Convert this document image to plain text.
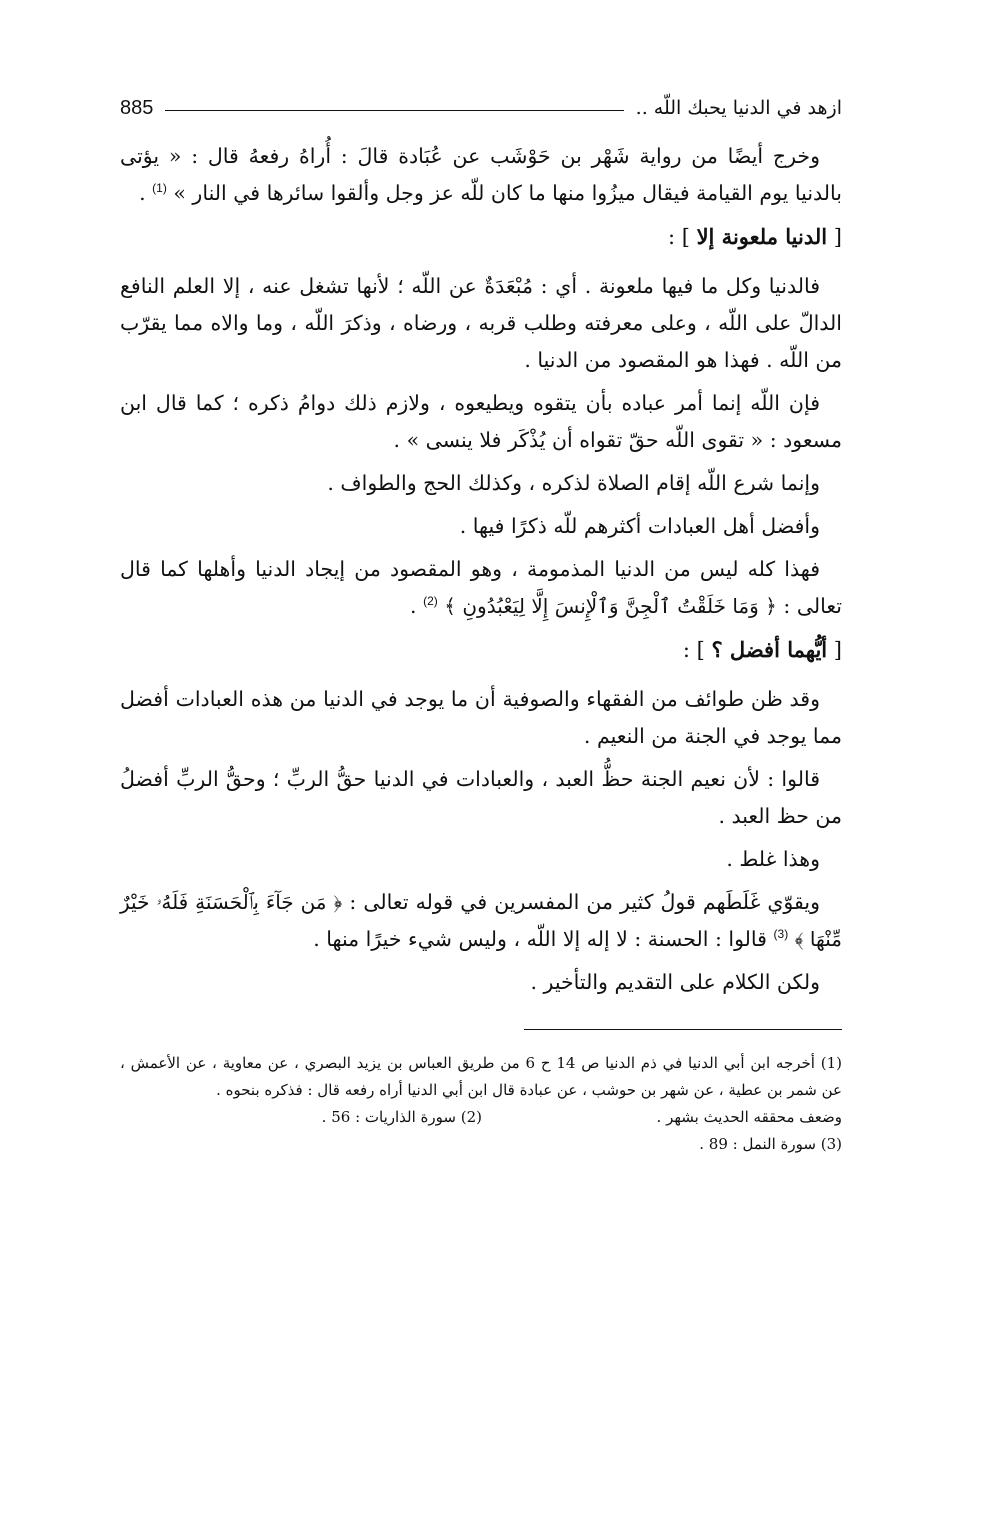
ازهد في الدنيا يحبك اللّه ..
885

وخرج أيضًا من رواية شَهْر بن حَوْشَب عن عُبَادة قالَ : أُراهُ رفعهُ قال : « يؤتى بالدنيا يوم القيامة فيقال ميزُوا منها ما كان للّه عز وجل وألقوا سائرها في النار » $^{(1)}$ .

[ الدنيا ملعونة إلا ] :

فالدنيا وكل ما فيها ملعونة . أي : مُبْعَدَةٌ عن اللّه ؛ لأنها تشغل عنه ، إلا العلم النافع الدالّ على اللّه ، وعلى معرفته وطلب قربه ، ورضاه ، وذكرَ اللّه ، وما والاه مما يقرّب من اللّه . فهذا هو المقصود من الدنيا .

فإن اللّه إنما أمر عباده بأن يتقوه ويطيعوه ، ولازم ذلك دوامُ ذكره ؛ كما قال ابن مسعود : « تقوى اللّه حقّ تقواه أن يُذْكَر فلا ينسى » .

وإنما شرع اللّه إقام الصلاة لذكره ، وكذلك الحج والطواف .

وأفضل أهل العبادات أكثرهم للّه ذكرًا فيها .

فهذا كله ليس من الدنيا المذمومة ، وهو المقصود من إيجاد الدنيا وأهلها كما قال تعالى : ﴿ وَمَا خَلَقْتُ ٱلْجِنَّ وَٱلْإِنسَ إِلَّا لِيَعْبُدُونِ ﴾ $^{(2)}$ .

[ أيُّهما أفضل ؟ ] :

وقد ظن طوائف من الفقهاء والصوفية أن ما يوجد في الدنيا من هذه العبادات أفضل مما يوجد في الجنة من النعيم .

قالوا : لأن نعيم الجنة حظُّ العبد ، والعبادات في الدنيا حقُّ الربِّ ؛ وحقُّ الربِّ أفضلُ من حظ العبد .

وهذا غلط .

ويقوّي غَلَطَهم قولُ كثير من المفسرين في قوله تعالى : ﴿ مَن جَآءَ بِٱلْحَسَنَةِ فَلَهُۥ خَيْرٌ مِّنْهَا ﴾ $^{(3)}$ قالوا : الحسنة : لا إله إلا اللّه ، وليس شيء خيرًا منها .

ولكن الكلام على التقديم والتأخير .

(1) أخرجه ابن أبي الدنيا في ذم الدنيا ص 14 ح 6 من طريق العباس بن يزيد البصري ، عن معاوية ، عن الأعمش ، عن شمر بن عطية ، عن شهر بن حوشب ، عن عبادة قال ابن أبي الدنيا أراه رفعه قال : فذكره بنحوه .

وضعف محققه الحديث بشهر .

(2) سورة الذاريات : 56 .

(3) سورة النمل : 89 .
